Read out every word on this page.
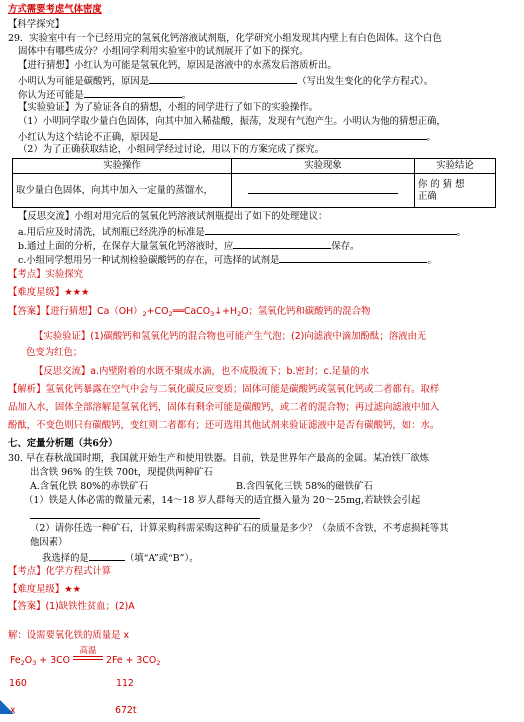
方式需要考虑气体密度
【科学探究】
29．实验室中有一个已经用完的氢氧化钙溶液试剂瓶，化学研究小组发现其内壁上有白色固体。这个白色
固体中有哪些成分？小组同学利用实验室中的试剂展开了如下的探究。
【进行猜想】小红认为可能是氢氧化钙，原因是溶液中的水蒸发后溶质析出。
小明认为可能是碳酸钙，原因是	（写出发生变化的化学方程式）。
你认为还可能是	。
【实验验证】为了验证各自的猜想，小组的同学进行了如下的实验操作。
（1）小明同学取少量白色固体，向其中加入稀盐酸，振荡，发现有气泡产生。小明认为他的猜想正确，
小红认为这个结论不正确，原因是	。
（2）为了正确获取结论，小组同学经过讨论，用以下的方案完成了探究。
实验操作	实验现象	实验结论
取少量白色固体，向其中加入一定量的蒸馏水，		你 的 猜 想
正确
【反思交流】小组对用完后的氢氧化钙溶液试剂瓶提出了如下的处理建议：
a.用后应及时清洗，试剂瓶已经洗净的标准是	。
b.通过上面的分析，在保存大量氢氧化钙溶液时，应	保存。
c.小组同学想用另一种试剂检验碳酸钙的存在，可选择的试剂是	。
【考点】实验探究
【难度星级】★★★
【答案】【进行猜想】$Ca(OH)_2+CO_2══CaCO_3↓+H_2O$；氢氧化钙和碳酸钙的混合物
【实验验证】(1)碳酸钙和氢氧化钙的混合物也可能产生气泡；(2)向滤液中滴加酚酞；溶液由无
色变为红色；
【反思交流】a.内壁附着的水既不聚成水滴，也不成股流下；b.密封；c.足量的水
【解析】氢氧化钙暴露在空气中会与二氧化碳反应变质；固体可能是碳酸钙或氢氧化钙或二者都有。取样
品加入水，固体全部溶解是氢氧化钙，固体有剩余可能是碳酸钙，或二者的混合物；再过滤向滤液中加入
酚酞，不变色则只有碳酸钙，变红则二者都有；还可选用其他试剂来验证滤液中是否有碳酸钙，如：水。
七、定量分析题（共6分）
30. 早在春秋战国时期，我国就开始生产和使用铁器。目前，铁是世界年产最高的金属。某冶铁厂欲炼
出含铁 96% 的生铁 700t，现提供两种矿石
A.含氧化铁 80%的赤铁矿石	B.含四氧化三铁 58%的磁铁矿石
（1）铁是人体必需的微量元素，14～18 岁人群每天的适宜摄入量为 20～25mg,若缺铁会引起
（2）请你任选一种矿石，计算采购科需采购这种矿石的质量是多少？（杂质不含铁，不考虑损耗等其
他因素）
我选择的是	（填“A”或“B”）。
【考点】化学方程式计算
【难度星级】★★
【答案】(1)缺铁性贫血；(2)A
解：设需要氧化铁的质量是 x
$Fe_2O_3 + 3CO$
高温
$2Fe + 3CO_2$
160	112
x	672t
